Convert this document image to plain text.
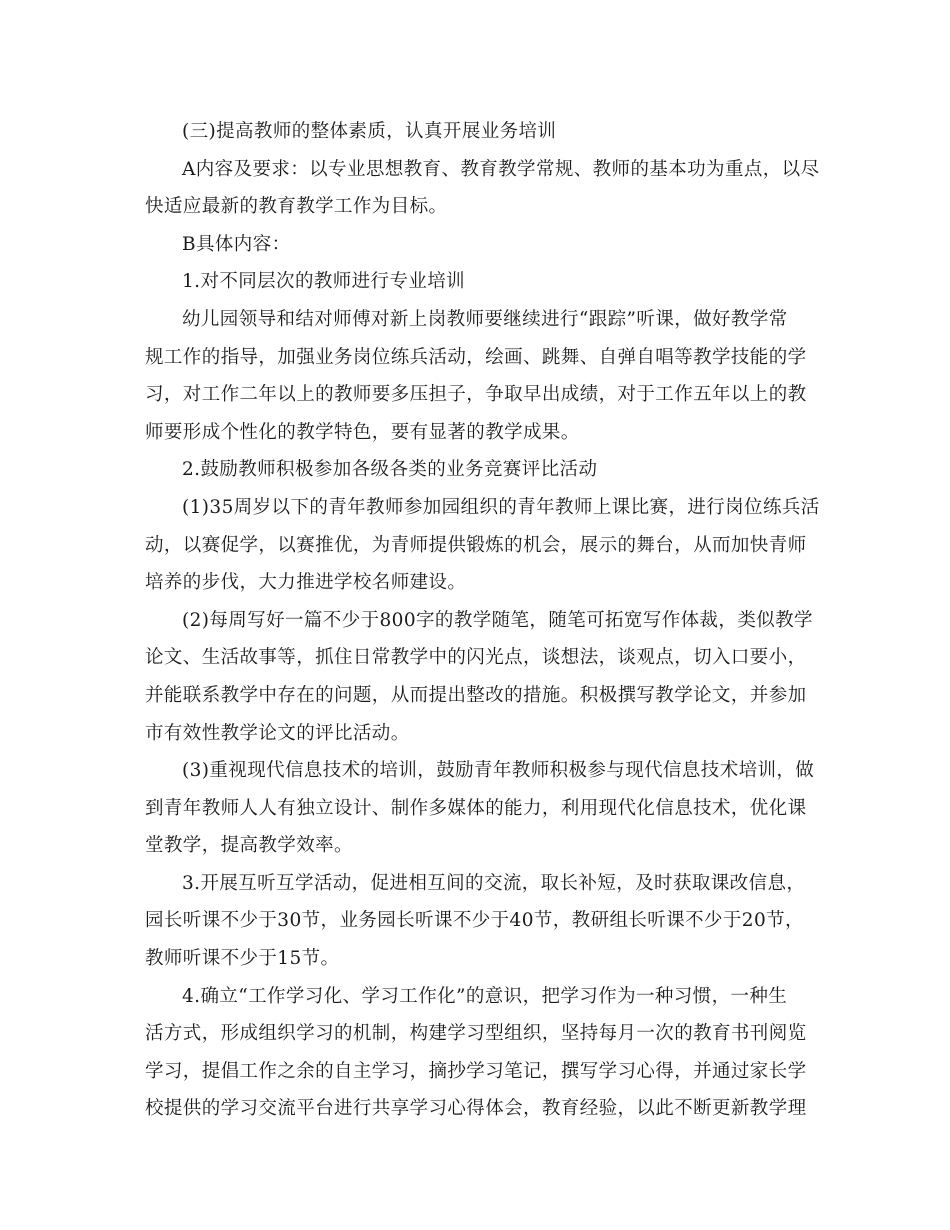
(三)提高教师的整体素质，认真开展业务培训

A内容及要求：以专业思想教育、教育教学常规、教师的基本功为重点，以尽
快适应最新的教育教学工作为目标。

B具体内容：

1.对不同层次的教师进行专业培训

幼儿园领导和结对师傅对新上岗教师要继续进行“跟踪”听课，做好教学常
规工作的指导，加强业务岗位练兵活动，绘画、跳舞、自弹自唱等教学技能的学
习，对工作二年以上的教师要多压担子，争取早出成绩，对于工作五年以上的教
师要形成个性化的教学特色，要有显著的教学成果。

2.鼓励教师积极参加各级各类的业务竞赛评比活动

(1)35周岁以下的青年教师参加园组织的青年教师上课比赛，进行岗位练兵活
动，以赛促学，以赛推优，为青师提供锻炼的机会，展示的舞台，从而加快青师
培养的步伐，大力推进学校名师建设。

(2)每周写好一篇不少于800字的教学随笔，随笔可拓宽写作体裁，类似教学
论文、生活故事等，抓住日常教学中的闪光点，谈想法，谈观点，切入口要小，
并能联系教学中存在的问题，从而提出整改的措施。积极撰写教学论文，并参加
市有效性教学论文的评比活动。

(3)重视现代信息技术的培训，鼓励青年教师积极参与现代信息技术培训，做
到青年教师人人有独立设计、制作多媒体的能力，利用现代化信息技术，优化课
堂教学，提高教学效率。

3.开展互听互学活动，促进相互间的交流，取长补短，及时获取课改信息，
园长听课不少于30节，业务园长听课不少于40节，教研组长听课不少于20节，
教师听课不少于15节。

4.确立“工作学习化、学习工作化”的意识，把学习作为一种习惯，一种生
活方式，形成组织学习的机制，构建学习型组织，坚持每月一次的教育书刊阅览
学习，提倡工作之余的自主学习，摘抄学习笔记，撰写学习心得，并通过家长学
校提供的学习交流平台进行共享学习心得体会，教育经验，以此不断更新教学理
